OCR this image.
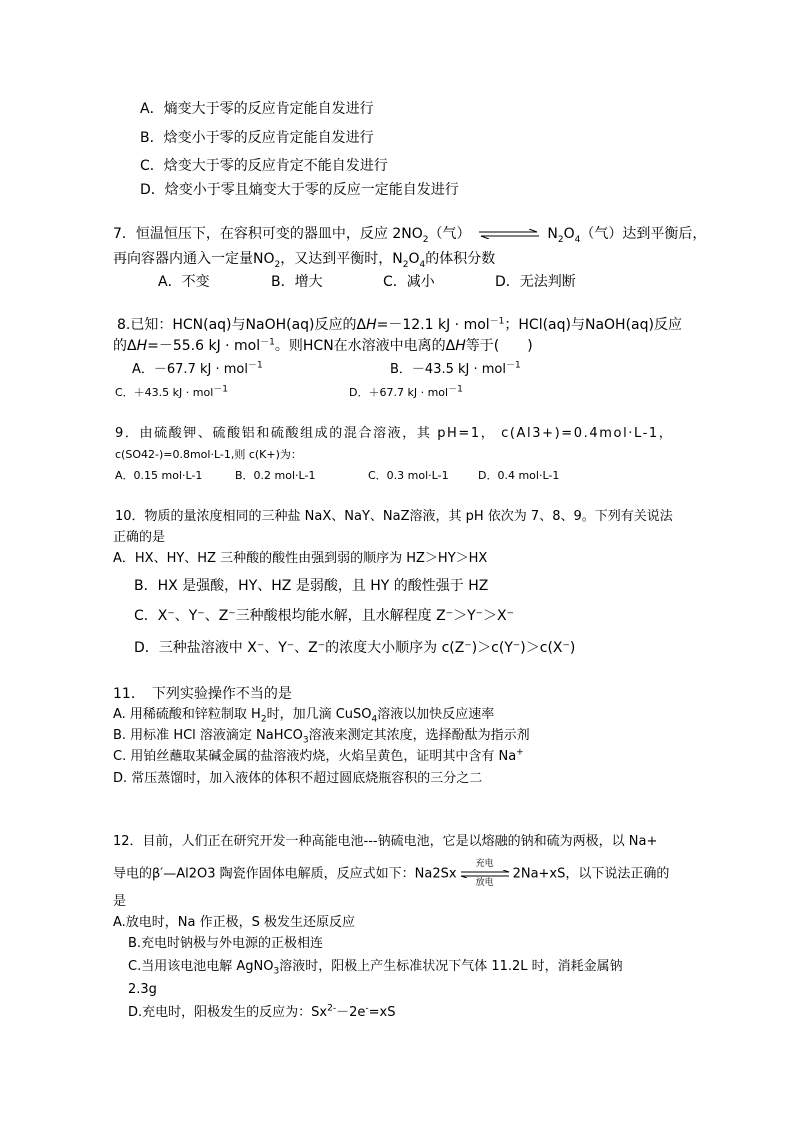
A．熵变大于零的反应肯定能自发进行
B．焓变小于零的反应肯定能自发进行
C．焓变大于零的反应肯定不能自发进行
D．焓变小于零且熵变大于零的反应一定能自发进行
7．恒温恒压下，在容积可变的器皿中，反应 $2NO_2$（气）	$N_2O_4$（气）达到平衡后，
再向容器内通入一定量$NO_2$，又达到平衡时，$N_2O_4$的体积分数
A．不变	B．增大	C．减小	D．无法判断
8.已知：HCN(aq)与NaOH(aq)反应的ΔH=－12.1 kJ · mol$^{-1}$；HCl(aq)与NaOH(aq)反应
的ΔH=－55.6 kJ · mol$^{-1}$。则HCN在水溶液中电离的ΔH等于(　　)
A．－67.7 kJ · mol$^{-1}$	B．－43.5 kJ · mol$^{-1}$
C．＋43.5 kJ · mol$^{-1}$	D．＋67.7 kJ · mol$^{-1}$
9．由硫酸钾、硫酸铝和硫酸组成的混合溶液，其 pH=1， c(Al3+)=0.4mol·L-1，
c(SO42-)=0.8mol·L-1,则 c(K+)为：
A．0.15 mol·L-1	B．0.2 mol·L-1	C．0.3 mol·L-1	D．0.4 mol·L-1
10．物质的量浓度相同的三种盐 NaX、NaY、NaZ溶液，其 pH 依次为 7、8、9。下列有关说法
正确的是
A．HX、HY、HZ 三种酸的酸性由强到弱的顺序为 HZ＞HY＞HX
B．HX 是强酸，HY、HZ 是弱酸，且 HY 的酸性强于 HZ
C．X⁻、Y⁻、Z⁻三种酸根均能水解，且水解程度 Z⁻＞Y⁻＞X⁻
D．三种盐溶液中 X⁻、Y⁻、Z⁻的浓度大小顺序为 c(Z⁻)＞c(Y⁻)＞c(X⁻)
11．　下列实验操作不当的是
A. 用稀硫酸和锌粒制取 $H_2$时，加几滴 CuSO$_4$溶液以加快反应速率
B. 用标准 HCl 溶液滴定 NaHCO$_3$溶液来测定其浓度，选择酚酞为指示剂
C. 用铂丝蘸取某碱金属的盐溶液灼烧，火焰呈黄色，证明其中含有 Na+
D. 常压蒸馏时，加入液体的体积不超过圆底烧瓶容积的三分之二
12．目前，人们正在研究开发一种高能电池---钠硫电池，它是以熔融的钠和硫为两极，以 Na+
导电的β′—Al2O3 陶瓷作固体电解质，反应式如下：Na2Sx
充电
放电
2Na+xS，以下说法正确的
是
A.放电时，Na 作正极，S 极发生还原反应
B.充电时钠极与外电源的正极相连
C.当用该电池电解 AgNO$_3$溶液时，阳极上产生标准状况下气体 11.2L 时，消耗金属钠
2.3g
D.充电时，阳极发生的反应为：$Sx^{2-}-2e^-=xS$
